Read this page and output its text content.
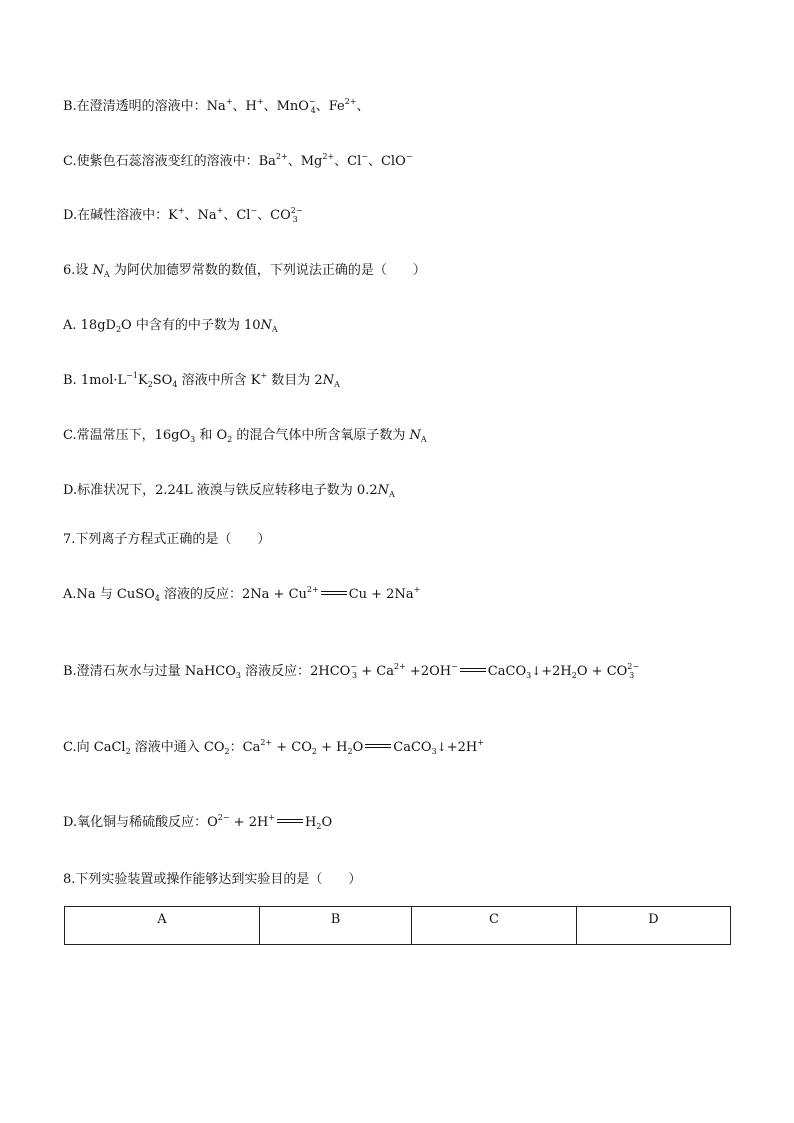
B.在澄清透明的溶液中：Na+、H+、MnO−$_4$、$Fe^{2+}$、
C.使紫色石蕊溶液变红的溶液中：$Ba^{2+}$、$Mg^{2+}$、Cl−、ClO−
D.在碱性溶液中：K+、Na+、Cl−、$CO^{2-}_3$
6.设 $N_A$ 为阿伏加德罗常数的数值，下列说法正确的是（　　）
A. $18gD_2O$ 中含有的中子数为 $10N_A$
B. $1mol\cdot L^{-1}K_2SO_4$ 溶液中所含 K+ 数目为 $2N_A$
C.常温常压下，$16gO_3$ 和 $O_2$ 的混合气体中所含氧原子数为 $N_A$
D.标准状况下，2.24L 液溴与铁反应转移电子数为 $0.2N_A$
7.下列离子方程式正确的是（　　）
A.Na 与 CuSO$_4$ 溶液的反应：$2Na + Cu^{2+}$ Cu + 2Na+
B.澄清石灰水与过量 NaHCO$_3$ 溶液反应：$2HCO^-_3 + Ca^{2+} +2OH^-$ $CaCO_3↓+2H_2O + CO^{2-}_3$
C.向 CaCl$_2$ 溶液中通入 $CO_2$：$Ca^{2+} + CO_2 + H_2O$ CaCO$_3$↓+2H+
D.氧化铜与稀硫酸反应：$O^{2-} + 2H^+$ $H_2O$
8.下列实验装置或操作能够达到实验目的是（　　）
A	B	C	D
